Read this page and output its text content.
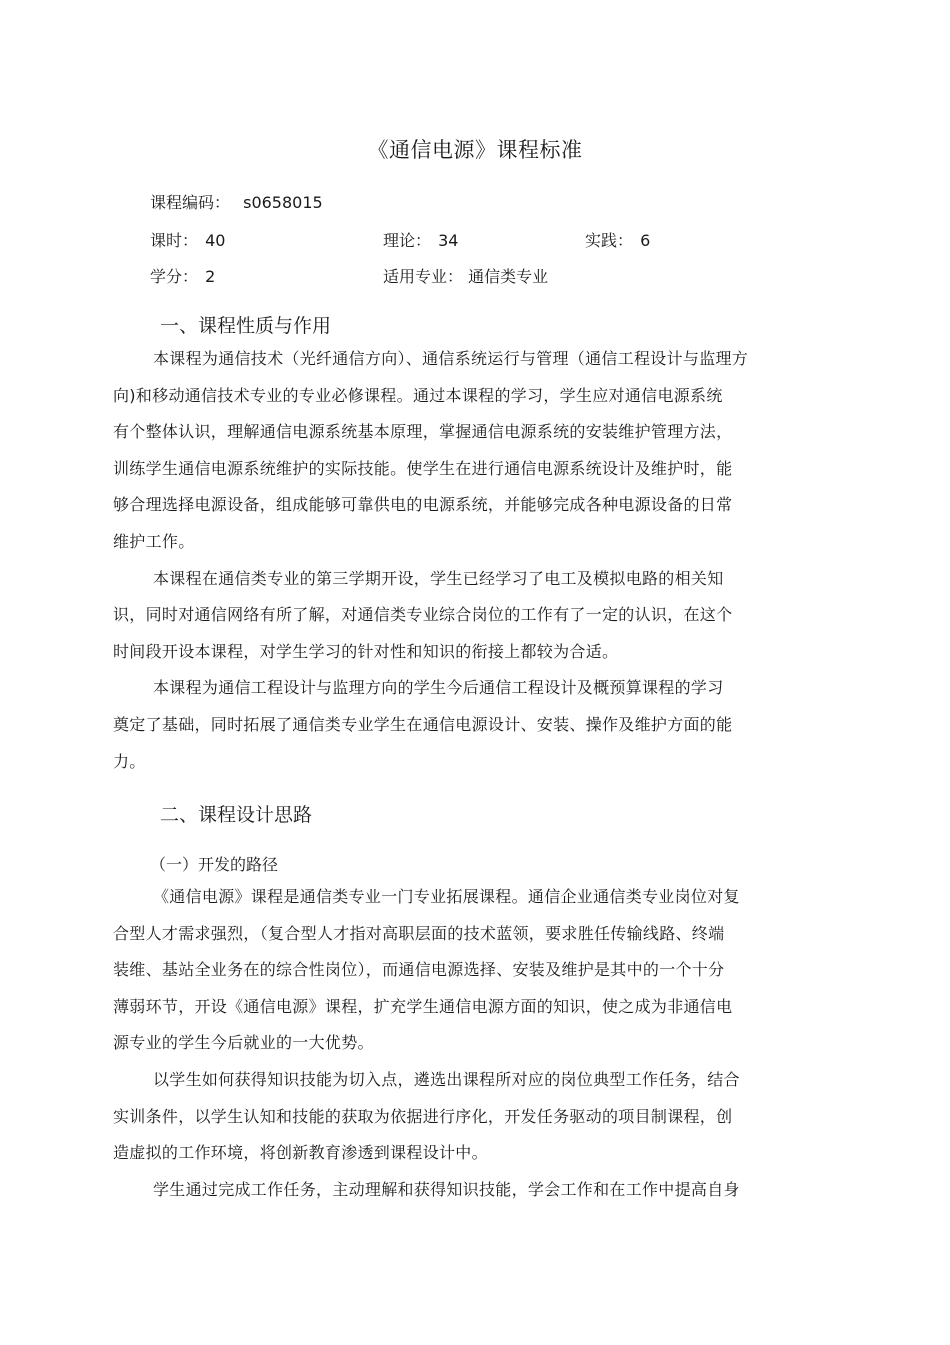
《通信电源》课程标准
课程编码： s0658015
课时： 40	理论： 34	实践： 6
学分： 2	适用专业： 通信类专业
一、课程性质与作用
本课程为通信技术（光纤通信方向）、通信系统运行与管理（通信工程设计与监理方
向)和移动通信技术专业的专业必修课程。通过本课程的学习，学生应对通信电源系统
有个整体认识，理解通信电源系统基本原理，掌握通信电源系统的安装维护管理方法，
训练学生通信电源系统维护的实际技能。使学生在进行通信电源系统设计及维护时，能
够合理选择电源设备，组成能够可靠供电的电源系统，并能够完成各种电源设备的日常
维护工作。
本课程在通信类专业的第三学期开设，学生已经学习了电工及模拟电路的相关知
识，同时对通信网络有所了解，对通信类专业综合岗位的工作有了一定的认识，在这个
时间段开设本课程，对学生学习的针对性和知识的衔接上都较为合适。
本课程为通信工程设计与监理方向的学生今后通信工程设计及概预算课程的学习
奠定了基础，同时拓展了通信类专业学生在通信电源设计、安装、操作及维护方面的能
力。
二、课程设计思路
（一）开发的路径
《通信电源》课程是通信类专业一门专业拓展课程。通信企业通信类专业岗位对复
合型人才需求强烈，（复合型人才指对高职层面的技术蓝领，要求胜任传输线路、终端
装维、基站全业务在的综合性岗位），而通信电源选择、安装及维护是其中的一个十分
薄弱环节，开设《通信电源》课程，扩充学生通信电源方面的知识，使之成为非通信电
源专业的学生今后就业的一大优势。
以学生如何获得知识技能为切入点，遴选出课程所对应的岗位典型工作任务，结合
实训条件，以学生认知和技能的获取为依据进行序化，开发任务驱动的项目制课程，创
造虚拟的工作环境，将创新教育渗透到课程设计中。
学生通过完成工作任务，主动理解和获得知识技能，学会工作和在工作中提高自身
